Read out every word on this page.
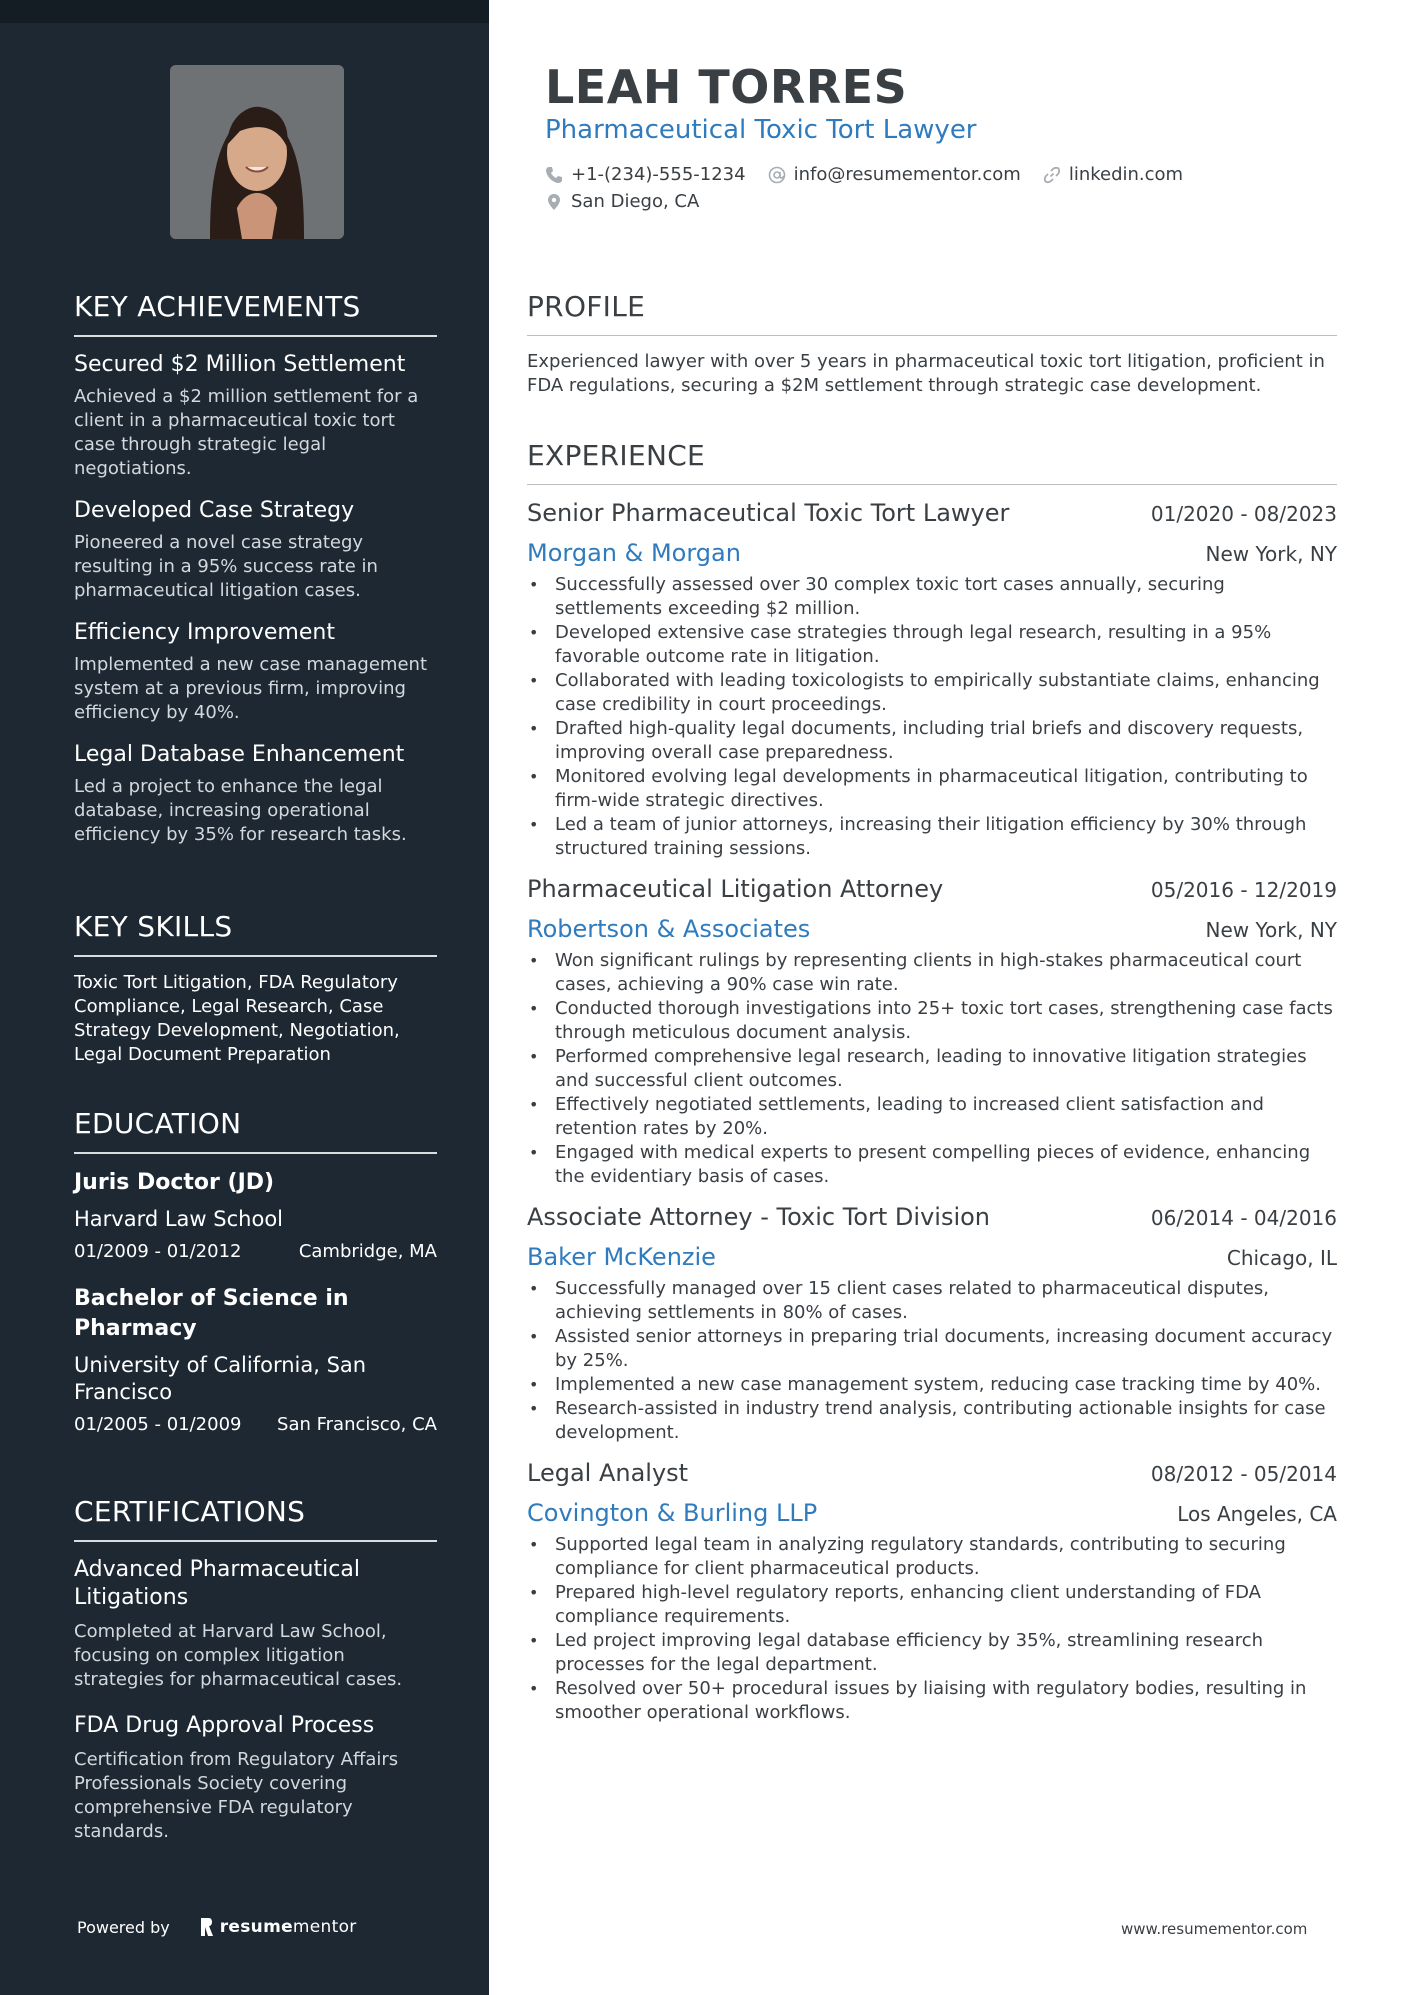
KEY ACHIEVEMENTS
Secured $2 Million Settlement
Achieved a $2 million settlement for a client in a pharmaceutical toxic tort case through strategic legal negotiations.
Developed Case Strategy
Pioneered a novel case strategy resulting in a 95% success rate in pharmaceutical litigation cases.
Efficiency Improvement
Implemented a new case management system at a previous firm, improving efficiency by 40%.
Legal Database Enhancement
Led a project to enhance the legal database, increasing operational efficiency by 35% for research tasks.
KEY SKILLS
Toxic Tort Litigation, FDA Regulatory Compliance, Legal Research, Case Strategy Development, Negotiation, Legal Document Preparation
EDUCATION
Juris Doctor (JD)
Harvard Law School
01/2009 - 01/2012	Cambridge, MA
Bachelor of Science in Pharmacy
University of California, San Francisco
01/2005 - 01/2009 San Francisco, CA
CERTIFICATIONS
Advanced Pharmaceutical Litigations
Completed at Harvard Law School, focusing on complex litigation strategies for pharmaceutical cases.
FDA Drug Approval Process
Certification from Regulatory Affairs Professionals Society covering comprehensive FDA regulatory standards.
Powered by	resume mentor
LEAH TORRES
Pharmaceutical Toxic Tort Lawyer
+1-(234)-555-1234	info@resumementor.com	linkedin.com
San Diego, CA
PROFILE
Experienced lawyer with over 5 years in pharmaceutical toxic tort litigation, proficient in FDA regulations, securing a $2M settlement through strategic case development.
EXPERIENCE
Senior Pharmaceutical Toxic Tort Lawyer	01/2020 - 08/2023
Morgan & Morgan	New York, NY
• Successfully assessed over 30 complex toxic tort cases annually, securing settlements exceeding $2 million.
• Developed extensive case strategies through legal research, resulting in a 95% favorable outcome rate in litigation.
• Collaborated with leading toxicologists to empirically substantiate claims, enhancing case credibility in court proceedings.
• Drafted high-quality legal documents, including trial briefs and discovery requests, improving overall case preparedness.
• Monitored evolving legal developments in pharmaceutical litigation, contributing to firm-wide strategic directives.
• Led a team of junior attorneys, increasing their litigation efficiency by 30% through structured training sessions.
Pharmaceutical Litigation Attorney	05/2016 - 12/2019
Robertson & Associates	New York, NY
• Won significant rulings by representing clients in high-stakes pharmaceutical court cases, achieving a 90% case win rate.
• Conducted thorough investigations into 25+ toxic tort cases, strengthening case facts through meticulous document analysis.
• Performed comprehensive legal research, leading to innovative litigation strategies and successful client outcomes.
• Effectively negotiated settlements, leading to increased client satisfaction and retention rates by 20%.
• Engaged with medical experts to present compelling pieces of evidence, enhancing the evidentiary basis of cases.
Associate Attorney - Toxic Tort Division	06/2014 - 04/2016
Baker McKenzie	Chicago, IL
• Successfully managed over 15 client cases related to pharmaceutical disputes, achieving settlements in 80% of cases.
• Assisted senior attorneys in preparing trial documents, increasing document accuracy by 25%.
• Implemented a new case management system, reducing case tracking time by 40%.
• Research-assisted in industry trend analysis, contributing actionable insights for case development.
Legal Analyst	08/2012 - 05/2014
Covington & Burling LLP	Los Angeles, CA
• Supported legal team in analyzing regulatory standards, contributing to securing compliance for client pharmaceutical products.
• Prepared high-level regulatory reports, enhancing client understanding of FDA compliance requirements.
• Led project improving legal database efficiency by 35%, streamlining research processes for the legal department.
• Resolved over 50+ procedural issues by liaising with regulatory bodies, resulting in smoother operational workflows.
www.resumementor.com
